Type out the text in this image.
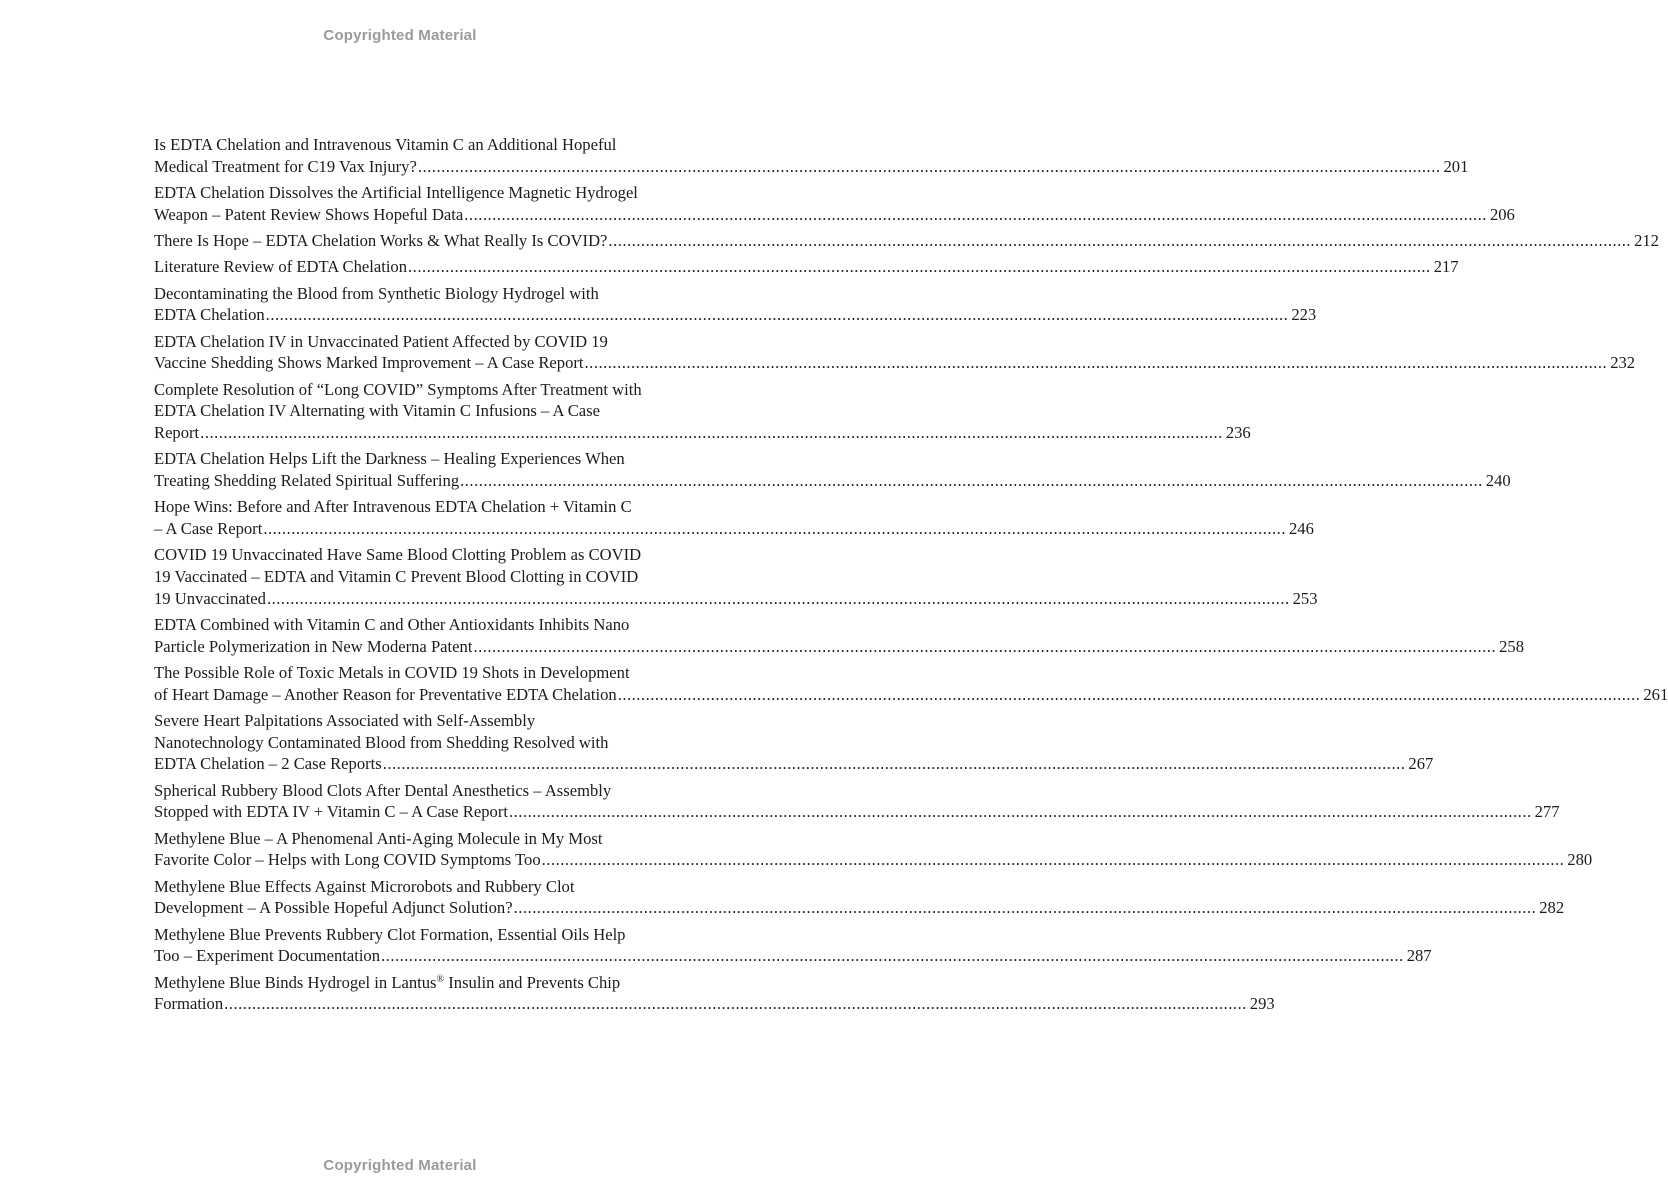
Copyrighted Material
Is EDTA Chelation and Intravenous Vitamin C an Additional Hopeful
Medical Treatment for C19 Vax Injury? ............................................................................................................................................................................................................................ 201
EDTA Chelation Dissolves the Artificial Intelligence Magnetic Hydrogel
Weapon – Patent Review Shows Hopeful Data ............................................................................................................................................................................................................................ 206
There Is Hope – EDTA Chelation Works & What Really Is COVID? ............................................................................................................................................................................................................................ 212
Literature Review of EDTA Chelation ............................................................................................................................................................................................................................ 217
Decontaminating the Blood from Synthetic Biology Hydrogel with
EDTA Chelation ............................................................................................................................................................................................................................ 223
EDTA Chelation IV in Unvaccinated Patient Affected by COVID 19
Vaccine Shedding Shows Marked Improvement – A Case Report ............................................................................................................................................................................................................................ 232
Complete Resolution of “Long COVID” Symptoms After Treatment with
EDTA Chelation IV Alternating with Vitamin C Infusions – A Case
Report ............................................................................................................................................................................................................................ 236
EDTA Chelation Helps Lift the Darkness – Healing Experiences When
Treating Shedding Related Spiritual Suffering ............................................................................................................................................................................................................................ 240
Hope Wins: Before and After Intravenous EDTA Chelation + Vitamin C
– A Case Report ............................................................................................................................................................................................................................ 246
COVID 19 Unvaccinated Have Same Blood Clotting Problem as COVID
19 Vaccinated – EDTA and Vitamin C Prevent Blood Clotting in COVID
19 Unvaccinated ............................................................................................................................................................................................................................ 253
EDTA Combined with Vitamin C and Other Antioxidants Inhibits Nano
Particle Polymerization in New Moderna Patent ............................................................................................................................................................................................................................ 258
The Possible Role of Toxic Metals in COVID 19 Shots in Development
of Heart Damage – Another Reason for Preventative EDTA Chelation ............................................................................................................................................................................................................................ 261
Severe Heart Palpitations Associated with Self-Assembly
Nanotechnology Contaminated Blood from Shedding Resolved with
EDTA Chelation – 2 Case Reports ............................................................................................................................................................................................................................ 267
Spherical Rubbery Blood Clots After Dental Anesthetics – Assembly
Stopped with EDTA IV + Vitamin C – A Case Report ............................................................................................................................................................................................................................ 277
Methylene Blue – A Phenomenal Anti-Aging Molecule in My Most
Favorite Color – Helps with Long COVID Symptoms Too ............................................................................................................................................................................................................................ 280
Methylene Blue Effects Against Microrobots and Rubbery Clot
Development – A Possible Hopeful Adjunct Solution? ............................................................................................................................................................................................................................ 282
Methylene Blue Prevents Rubbery Clot Formation, Essential Oils Help
Too – Experiment Documentation ............................................................................................................................................................................................................................ 287
Methylene Blue Binds Hydrogel in Lantus® Insulin and Prevents Chip
Formation ............................................................................................................................................................................................................................ 293
Copyrighted Material
